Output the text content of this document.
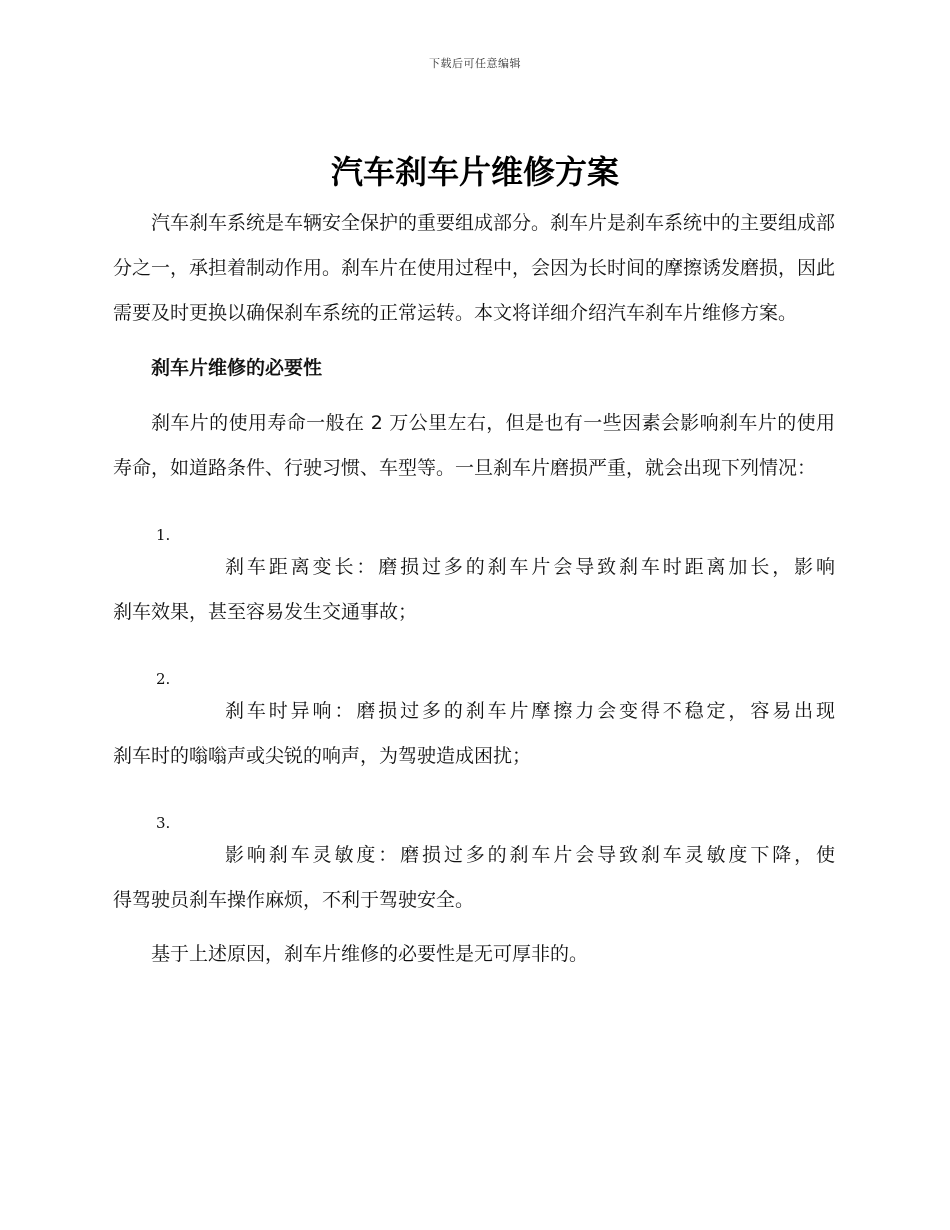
下载后可任意编辑
汽车刹车片维修方案

汽车刹车系统是车辆安全保护的重要组成部分。刹车片是刹车系统中的主要组成部分之一，承担着制动作用。刹车片在使用过程中，会因为长时间的摩擦诱发磨损，因此需要及时更换以确保刹车系统的正常运转。本文将详细介绍汽车刹车片维修方案。

刹车片维修的必要性

刹车片的使用寿命一般在 2 万公里左右，但是也有一些因素会影响刹车片的使用寿命，如道路条件、行驶习惯、车型等。一旦刹车片磨损严重，就会出现下列情况：

1.
刹车距离变长：磨损过多的刹车片会导致刹车时距离加长，影响
刹车效果，甚至容易发生交通事故；
2.
刹车时异响：磨损过多的刹车片摩擦力会变得不稳定，容易出现
刹车时的嗡嗡声或尖锐的响声，为驾驶造成困扰；
3.
影响刹车灵敏度：磨损过多的刹车片会导致刹车灵敏度下降，使
得驾驶员刹车操作麻烦，不利于驾驶安全。

基于上述原因，刹车片维修的必要性是无可厚非的。
